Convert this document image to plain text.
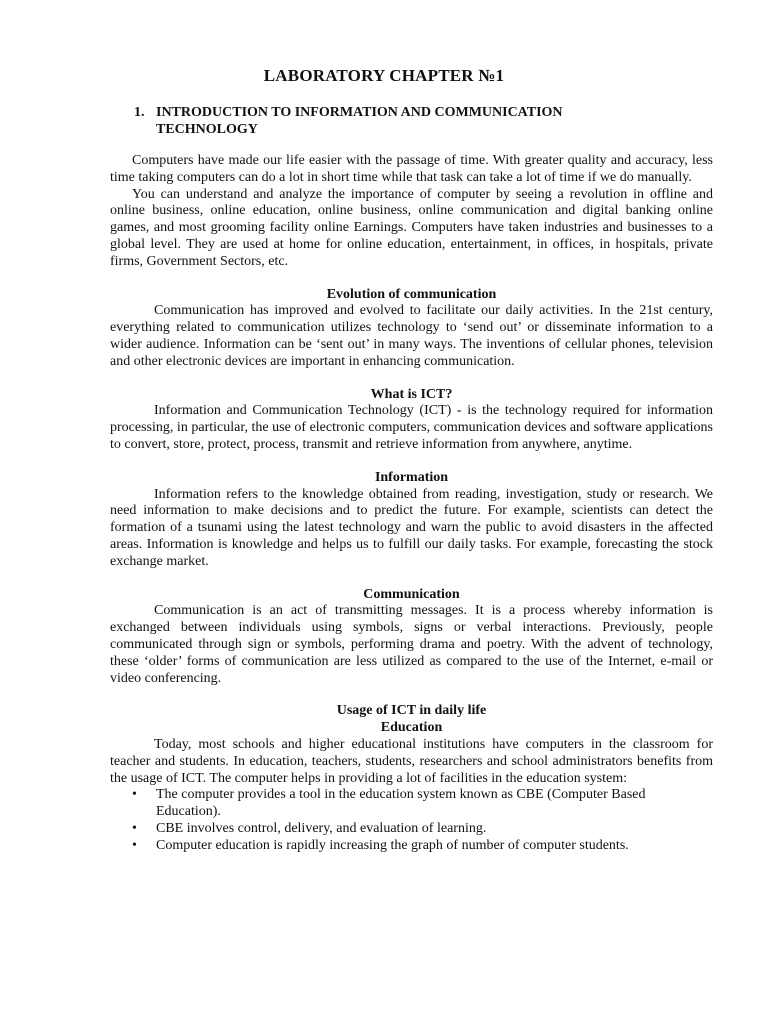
LABORATORY CHAPTER №1
1. INTRODUCTION TO INFORMATION AND COMMUNICATION TECHNOLOGY

Computers have made our life easier with the passage of time. With greater quality and accuracy, less time taking computers can do a lot in short time while that task can take a lot of time if we do manually.

You can understand and analyze the importance of computer by seeing a revolution in offline and online business, online education, online business, online communication and digital banking online games, and most grooming facility online Earnings. Computers have taken industries and businesses to a global level. They are used at home for online education, entertainment, in offices, in hospitals, private firms, Government Sectors, etc.

Evolution of communication

Communication has improved and evolved to facilitate our daily activities. In the 21st century, everything related to communication utilizes technology to ‘send out’ or disseminate information to a wider audience. Information can be ‘sent out’ in many ways. The inventions of cellular phones, television and other electronic devices are important in enhancing communication.

What is ICT?

Information and Communication Technology (ICT) - is the technology required for information processing, in particular, the use of electronic computers, communication devices and software applications to convert, store, protect, process, transmit and retrieve information from anywhere, anytime.

Information

Information refers to the knowledge obtained from reading, investigation, study or research. We need information to make decisions and to predict the future. For example, scientists can detect the formation of a tsunami using the latest technology and warn the public to avoid disasters in the affected areas. Information is knowledge and helps us to fulfill our daily tasks. For example, forecasting the stock exchange market.

Communication

Communication is an act of transmitting messages. It is a process whereby information is exchanged between individuals using symbols, signs or verbal interactions. Previously, people communicated through sign or symbols, performing drama and poetry. With the advent of technology, these ‘older’ forms of communication are less utilized as compared to the use of the Internet, e-mail or video conferencing.

Usage of ICT in daily life

Education

Today, most schools and higher educational institutions have computers in the classroom for teacher and students. In education, teachers, students, researchers and school administrators benefits from the usage of ICT. The computer helps in providing a lot of facilities in the education system:

• The computer provides a tool in the education system known as CBE (Computer Based Education).
• CBE involves control, delivery, and evaluation of learning.
• Computer education is rapidly increasing the graph of number of computer students.
